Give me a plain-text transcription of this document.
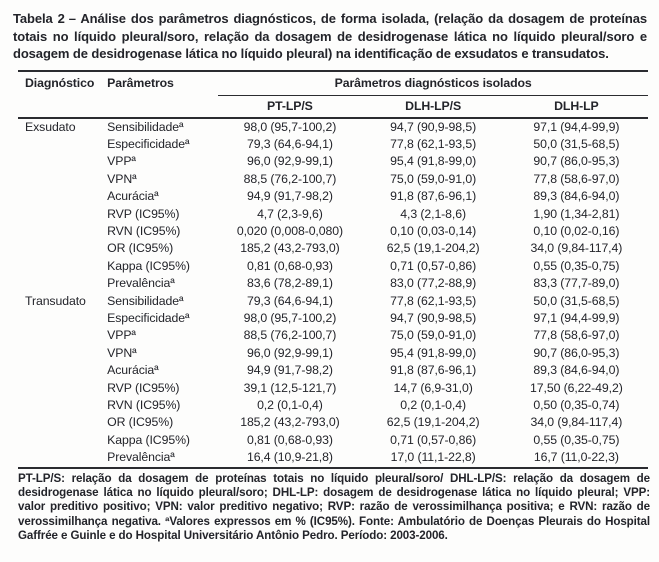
Tabela 2 – Análise dos parâmetros diagnósticos, de forma isolada, (relação da dosagem de proteínas totais no líquido pleural/soro, relação da dosagem de desidrogenase lática no líquido pleural/soro e dosagem de desidrogenase lática no líquido pleural) na identificação de exsudatos e transudatos.

Diagnóstico	Parâmetros	Parâmetros diagnósticos isolados		
		PT-LP/S	DLH-LP/S	DLH-LP
Exsudato	Sensibilidadeª	98,0 (95,7-100,2)	94,7 (90,9-98,5)	97,1 (94,4-99,9)
	Especificidadeª	79,3 (64,6-94,1)	77,8 (62,1-93,5)	50,0 (31,5-68,5)
	VPPª	96,0 (92,9-99,1)	95,4 (91,8-99,0)	90,7 (86,0-95,3)
	VPNª	88,5 (76,2-100,7)	75,0 (59,0-91,0)	77,8 (58,6-97,0)
	Acuráciaª	94,9 (91,7-98,2)	91,8 (87,6-96,1)	89,3 (84,6-94,0)
	RVP (IC95%)	4,7 (2,3-9,6)	4,3 (2,1-8,6)	1,90 (1,34-2,81)
	RVN (IC95%)	0,020 (0,008-0,080)	0,10 (0,03-0,14)	0,10 (0,02-0,16)
	OR (IC95%)	185,2 (43,2-793,0)	62,5 (19,1-204,2)	34,0 (9,84-117,4)
	Kappa (IC95%)	0,81 (0,68-0,93)	0,71 (0,57-0,86)	0,55 (0,35-0,75)
	Prevalênciaª	83,6 (78,2-89,1)	83,0 (77,2-88,9)	83,3 (77,7-89,0)
Transudato	Sensibilidadeª	79,3 (64,6-94,1)	77,8 (62,1-93,5)	50,0 (31,5-68,5)
	Especificidadeª	98,0 (95,7-100,2)	94,7 (90,9-98,5)	97,1 (94,4-99,9)
	VPPª	88,5 (76,2-100,7)	75,0 (59,0-91,0)	77,8 (58,6-97,0)
	VPNª	96,0 (92,9-99,1)	95,4 (91,8-99,0)	90,7 (86,0-95,3)
	Acuráciaª	94,9 (91,7-98,2)	91,8 (87,6-96,1)	89,3 (84,6-94,0)
	RVP (IC95%)	39,1 (12,5-121,7)	14,7 (6,9-31,0)	17,50 (6,22-49,2)
	RVN (IC95%)	0,2 (0,1-0,4)	0,2 (0,1-0,4)	0,50 (0,35-0,74)
	OR (IC95%)	185,2 (43,2-793,0)	62,5 (19,1-204,2)	34,0 (9,84-117,4)
	Kappa (IC95%)	0,81 (0,68-0,93)	0,71 (0,57-0,86)	0,55 (0,35-0,75)
	Prevalênciaª	16,4 (10,9-21,8)	17,0 (11,1-22,8)	16,7 (11,0-22,3)

PT-LP/S: relação da dosagem de proteínas totais no líquido pleural/soro/ DHL-LP/S: relação da dosagem de desidrogenase lática no líquido pleural/soro; DHL-LP: dosagem de desidrogenase lática no líquido pleural; VPP: valor preditivo positivo; VPN: valor preditivo negativo; RVP: razão de verossimilhança positiva; e RVN: razão de verossimilhança negativa. ªValores expressos em % (IC95%). Fonte: Ambulatório de Doenças Pleurais do Hospital Gaffrée e Guinle e do Hospital Universitário Antônio Pedro. Período: 2003-2006.
